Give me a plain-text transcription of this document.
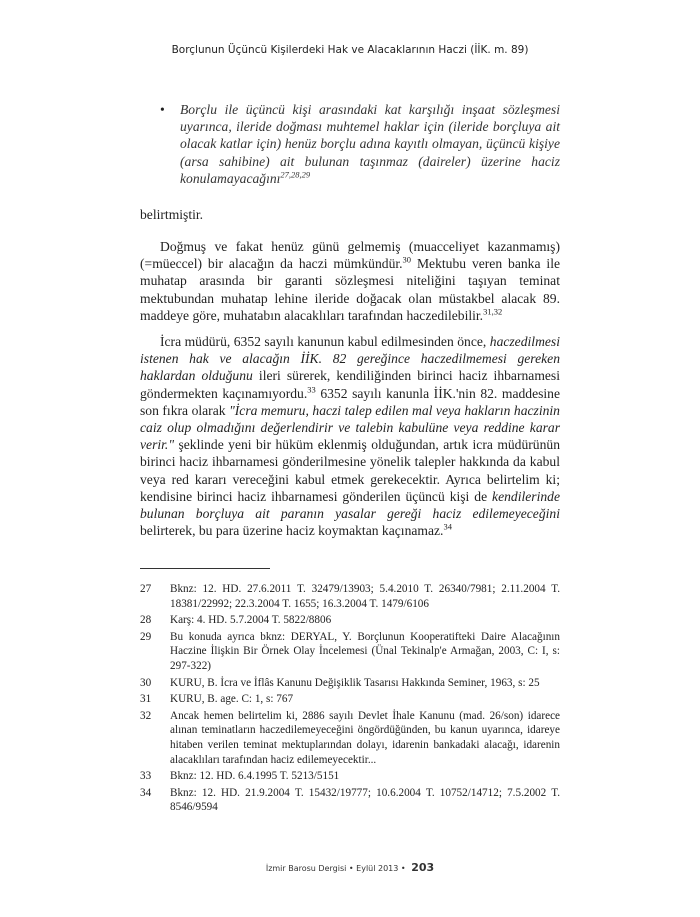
Borçlunun Üçüncü Kişilerdeki Hak ve Alacaklarının Haczi (İİK. m. 89)
• Borçlu ile üçüncü kişi arasındaki kat karşılığı inşaat sözleşmesi uyarınca, ileride doğması muhtemel haklar için (ileride borçluya ait olacak katlar için) henüz borçlu adına kayıtlı olmayan, üçüncü kişiye (arsa sahibine) ait bulunan taşınmaz (daireler) üzerine haciz konulamayacağını$^{27,28,29}$

belirtmiştir.

Doğmuş ve fakat henüz günü gelmemiş (muacceliyet kazanmamış) (=müeccel) bir alacağın da haczi mümkündür.$^{30}$ Mektubu veren banka ile muhatap arasında bir garanti sözleşmesi niteliğini taşıyan teminat mektubundan muhatap lehine ileride doğacak olan müstakbel alacak 89. maddeye göre, muhatabın alacaklıları tarafından haczedilebilir.$^{31,32}$

İcra müdürü, 6352 sayılı kanunun kabul edilmesinden önce, haczedilmesi istenen hak ve alacağın İİK. 82 gereğince haczedilmemesi gereken haklardan olduğunu ileri sürerek, kendiliğinden birinci haciz ihbarnamesi göndermekten kaçınamıyordu.$^{33}$ 6352 sayılı kanunla İİK.'nin 82. maddesine son fıkra olarak "İcra memuru, haczi talep edilen mal veya hakların haczinin caiz olup olmadığını değerlendirir ve talebin kabulüne veya reddine karar verir." şeklinde yeni bir hüküm eklenmiş olduğundan, artık icra müdürünün birinci haciz ihbarnamesi gönderilmesine yönelik talepler hakkında da kabul veya red kararı vereceğini kabul etmek gerekecektir. Ayrıca belirtelim ki; kendisine birinci haciz ihbarnamesi gönderilen üçüncü kişi de kendilerinde bulunan borçluya ait paranın yasalar gereği haciz edilemeyeceğini belirterek, bu para üzerine haciz koymaktan kaçınamaz.$^{34}$

27 Bknz: 12. HD. 27.6.2011 T. 32479/13903; 5.4.2010 T. 26340/7981; 2.11.2004 T. 18381/22992; 22.3.2004 T. 1655; 16.3.2004 T. 1479/6106
28 Karş: 4. HD. 5.7.2004 T. 5822/8806
29 Bu konuda ayrıca bknz: DERYAL, Y. Borçlunun Kooperatifteki Daire Alacağının Haczine İlişkin Bir Örnek Olay İncelemesi (Ünal Tekinalp'e Armağan, 2003, C: I, s: 297-322)
30 KURU, B. İcra ve İflâs Kanunu Değişiklik Tasarısı Hakkında Seminer, 1963, s: 25
31 KURU, B. age. C: 1, s: 767
32 Ancak hemen belirtelim ki, 2886 sayılı Devlet İhale Kanunu (mad. 26/son) idarece alınan teminatların haczedilemeyeceğini öngördüğünden, bu kanun uyarınca, idareye hitaben verilen teminat mektuplarından dolayı, idarenin bankadaki alacağı, idarenin alacaklıları tarafından haciz edilemeyecektir...
33 Bknz: 12. HD. 6.4.1995 T. 5213/5151
34 Bknz: 12. HD. 21.9.2004 T. 15432/19777; 10.6.2004 T. 10752/14712; 7.5.2002 T. 8546/9594
İzmir Barosu Dergisi • Eylül 2013 • 203
